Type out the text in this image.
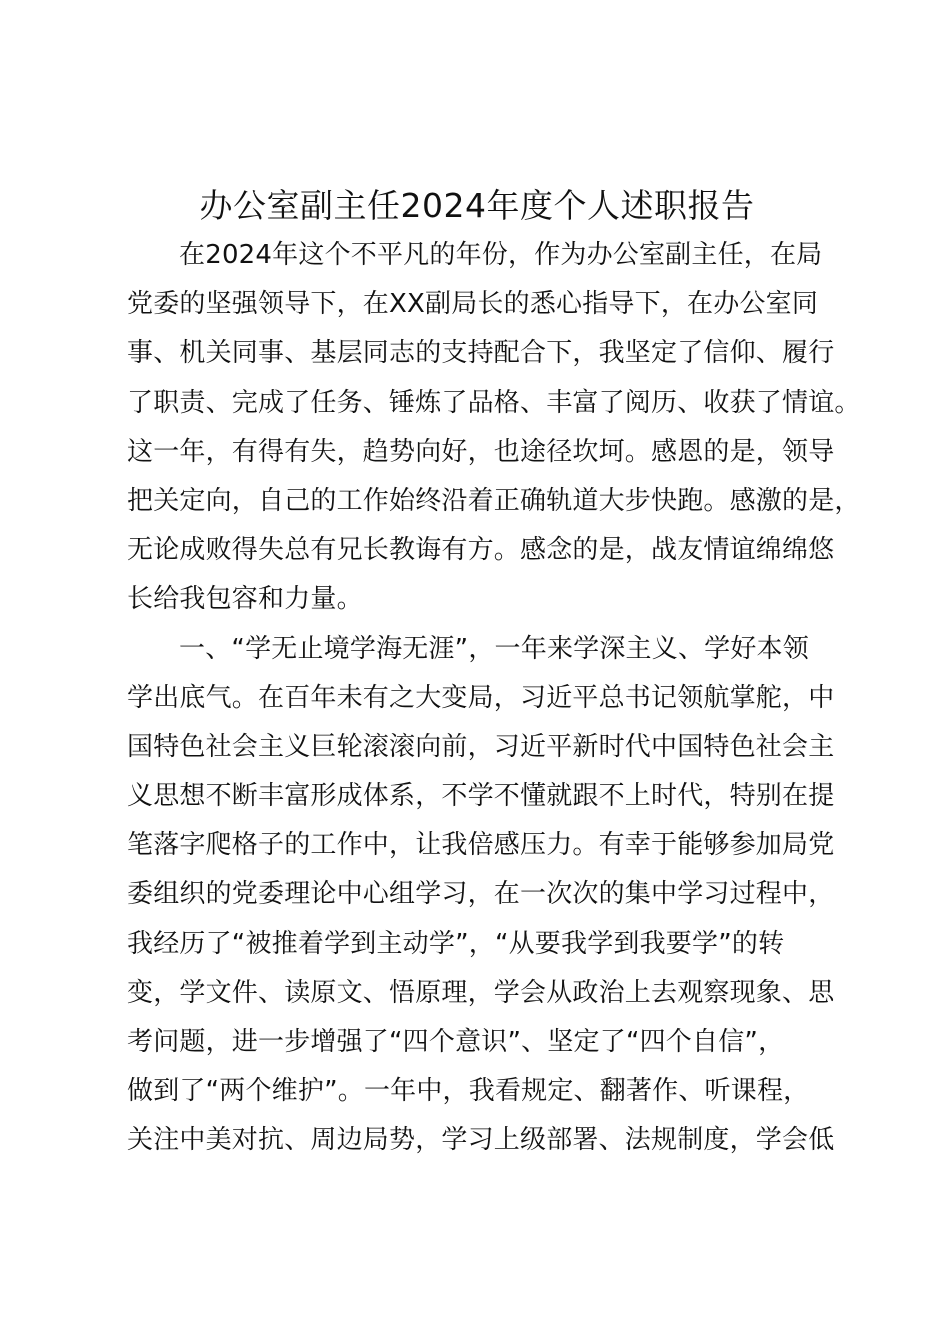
办公室副主任2024年度个人述职报告
在2024年这个不平凡的年份，作为办公室副主任，在局
党委的坚强领导下，在XX副局长的悉心指导下，在办公室同
事、机关同事、基层同志的支持配合下，我坚定了信仰、履行
了职责、完成了任务、锤炼了品格、丰富了阅历、收获了情谊。
这一年，有得有失，趋势向好，也途径坎坷。感恩的是，领导
把关定向，自己的工作始终沿着正确轨道大步快跑。感激的是，
无论成败得失总有兄长教诲有方。感念的是，战友情谊绵绵悠
长给我包容和力量。
一、“学无止境学海无涯”，一年来学深主义、学好本领
学出底气。在百年未有之大变局，习近平总书记领航掌舵，中
国特色社会主义巨轮滚滚向前，习近平新时代中国特色社会主
义思想不断丰富形成体系，不学不懂就跟不上时代，特别在提
笔落字爬格子的工作中，让我倍感压力。有幸于能够参加局党
委组织的党委理论中心组学习，在一次次的集中学习过程中，
我经历了“被推着学到主动学”，“从要我学到我要学”的转
变，学文件、读原文、悟原理，学会从政治上去观察现象、思
考问题，进一步增强了“四个意识”、坚定了“四个自信”，
做到了“两个维护”。一年中，我看规定、翻著作、听课程，
关注中美对抗、周边局势，学习上级部署、法规制度，学会低
